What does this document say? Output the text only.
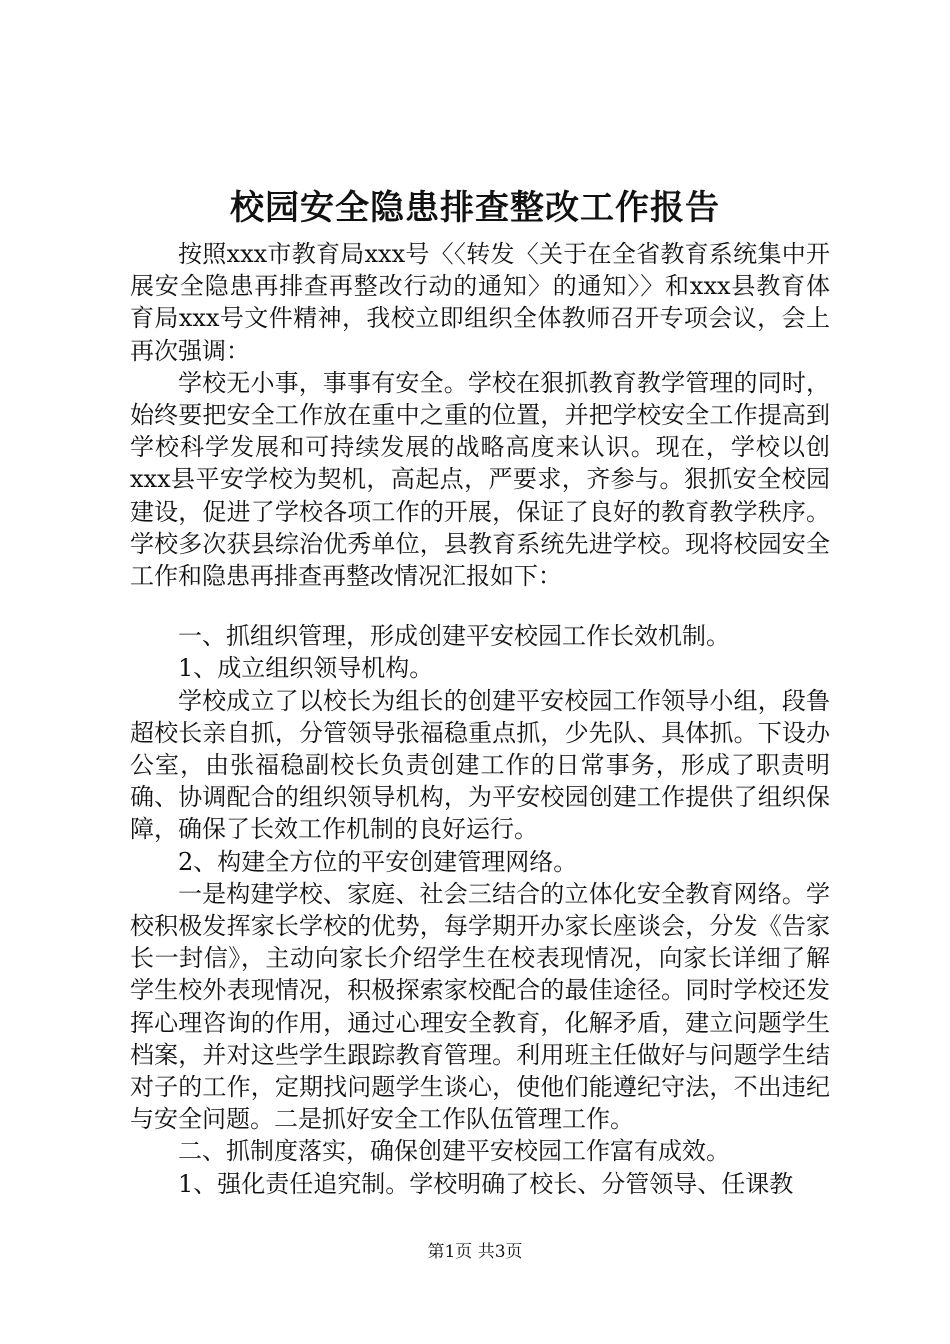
校园安全隐患排查整改工作报告

按照xxx市教育局xxx号〈〈转发〈关于在全省教育系统集中开展安全隐患再排查再整改行动的通知〉的通知〉〉和xxx县教育体育局xxx号文件精神，我校立即组织全体教师召开专项会议，会上再次强调：

学校无小事，事事有安全。学校在狠抓教育教学管理的同时，始终要把安全工作放在重中之重的位置，并把学校安全工作提高到学校科学发展和可持续发展的战略高度来认识。现在，学校以创xxx县平安学校为契机，高起点，严要求，齐参与。狠抓安全校园建设，促进了学校各项工作的开展，保证了良好的教育教学秩序。学校多次获县综治优秀单位，县教育系统先进学校。现将校园安全工作和隐患再排查再整改情况汇报如下：

一、抓组织管理，形成创建平安校园工作长效机制。

1、成立组织领导机构。

学校成立了以校长为组长的创建平安校园工作领导小组，段鲁超校长亲自抓，分管领导张福稳重点抓，少先队、具体抓。下设办公室，由张福稳副校长负责创建工作的日常事务，形成了职责明确、协调配合的组织领导机构，为平安校园创建工作提供了组织保障，确保了长效工作机制的良好运行。

2、构建全方位的平安创建管理网络。

一是构建学校、家庭、社会三结合的立体化安全教育网络。学校积极发挥家长学校的优势，每学期开办家长座谈会，分发《告家长一封信》，主动向家长介绍学生在校表现情况，向家长详细了解学生校外表现情况，积极探索家校配合的最佳途径。同时学校还发挥心理咨询的作用，通过心理安全教育，化解矛盾，建立问题学生档案，并对这些学生跟踪教育管理。利用班主任做好与问题学生结对子的工作，定期找问题学生谈心，使他们能遵纪守法，不出违纪与安全问题。二是抓好安全工作队伍管理工作。

二、抓制度落实，确保创建平安校园工作富有成效。

1、强化责任追究制。学校明确了校长、分管领导、任课教

第1页 共3页
